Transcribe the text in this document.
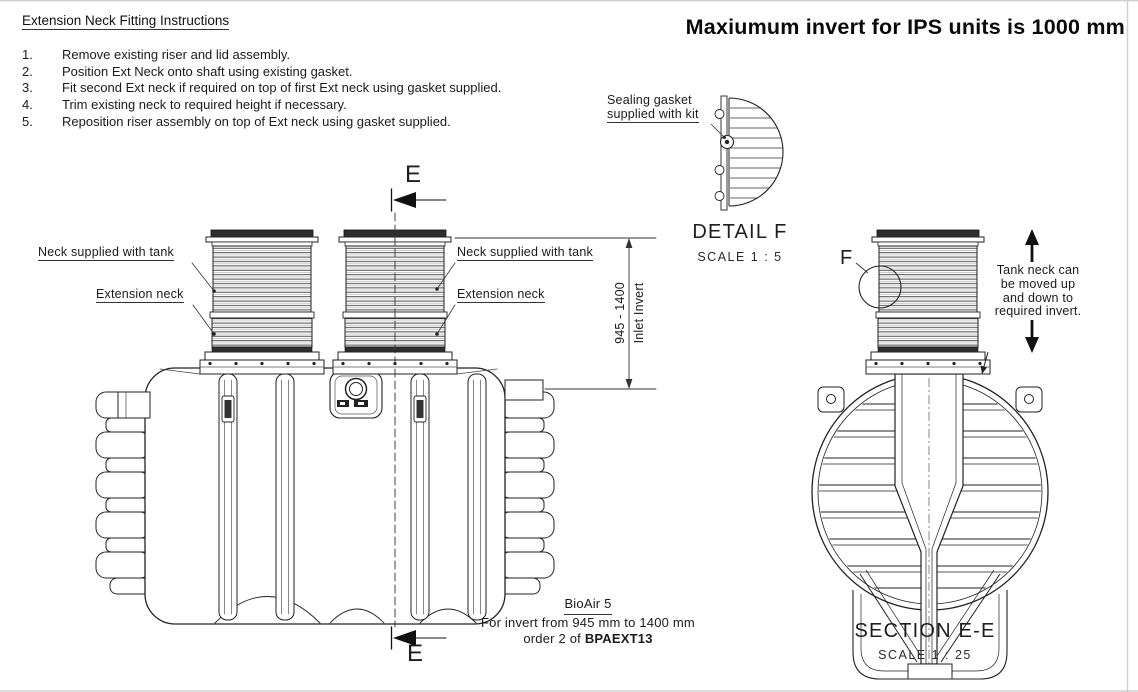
Extension Neck Fitting Instructions
1.	Remove existing riser and lid assembly.
2.	Position Ext Neck onto shaft using existing gasket.
3.	Fit second Ext neck if required on top of first Ext neck using gasket supplied.
4.	Trim existing neck to required height if necessary.
5.	Reposition riser assembly on top of Ext neck using gasket supplied.
Maxiumum invert for IPS units is 1000 mm
Sealing gasket
supplied with kit
DETAIL F
SCALE 1 : 5
Neck supplied with tank
Extension neck
Neck supplied with tank
Extension neck	945 - 1400 Inlet Invert
E
E
F
Tank neck can
be moved up
and down to
required invert.
SECTION E-E
SCALE 1 : 25
BioAir 5
For invert from 945 mm to 1400 mm
order 2 of BPAEXT13
